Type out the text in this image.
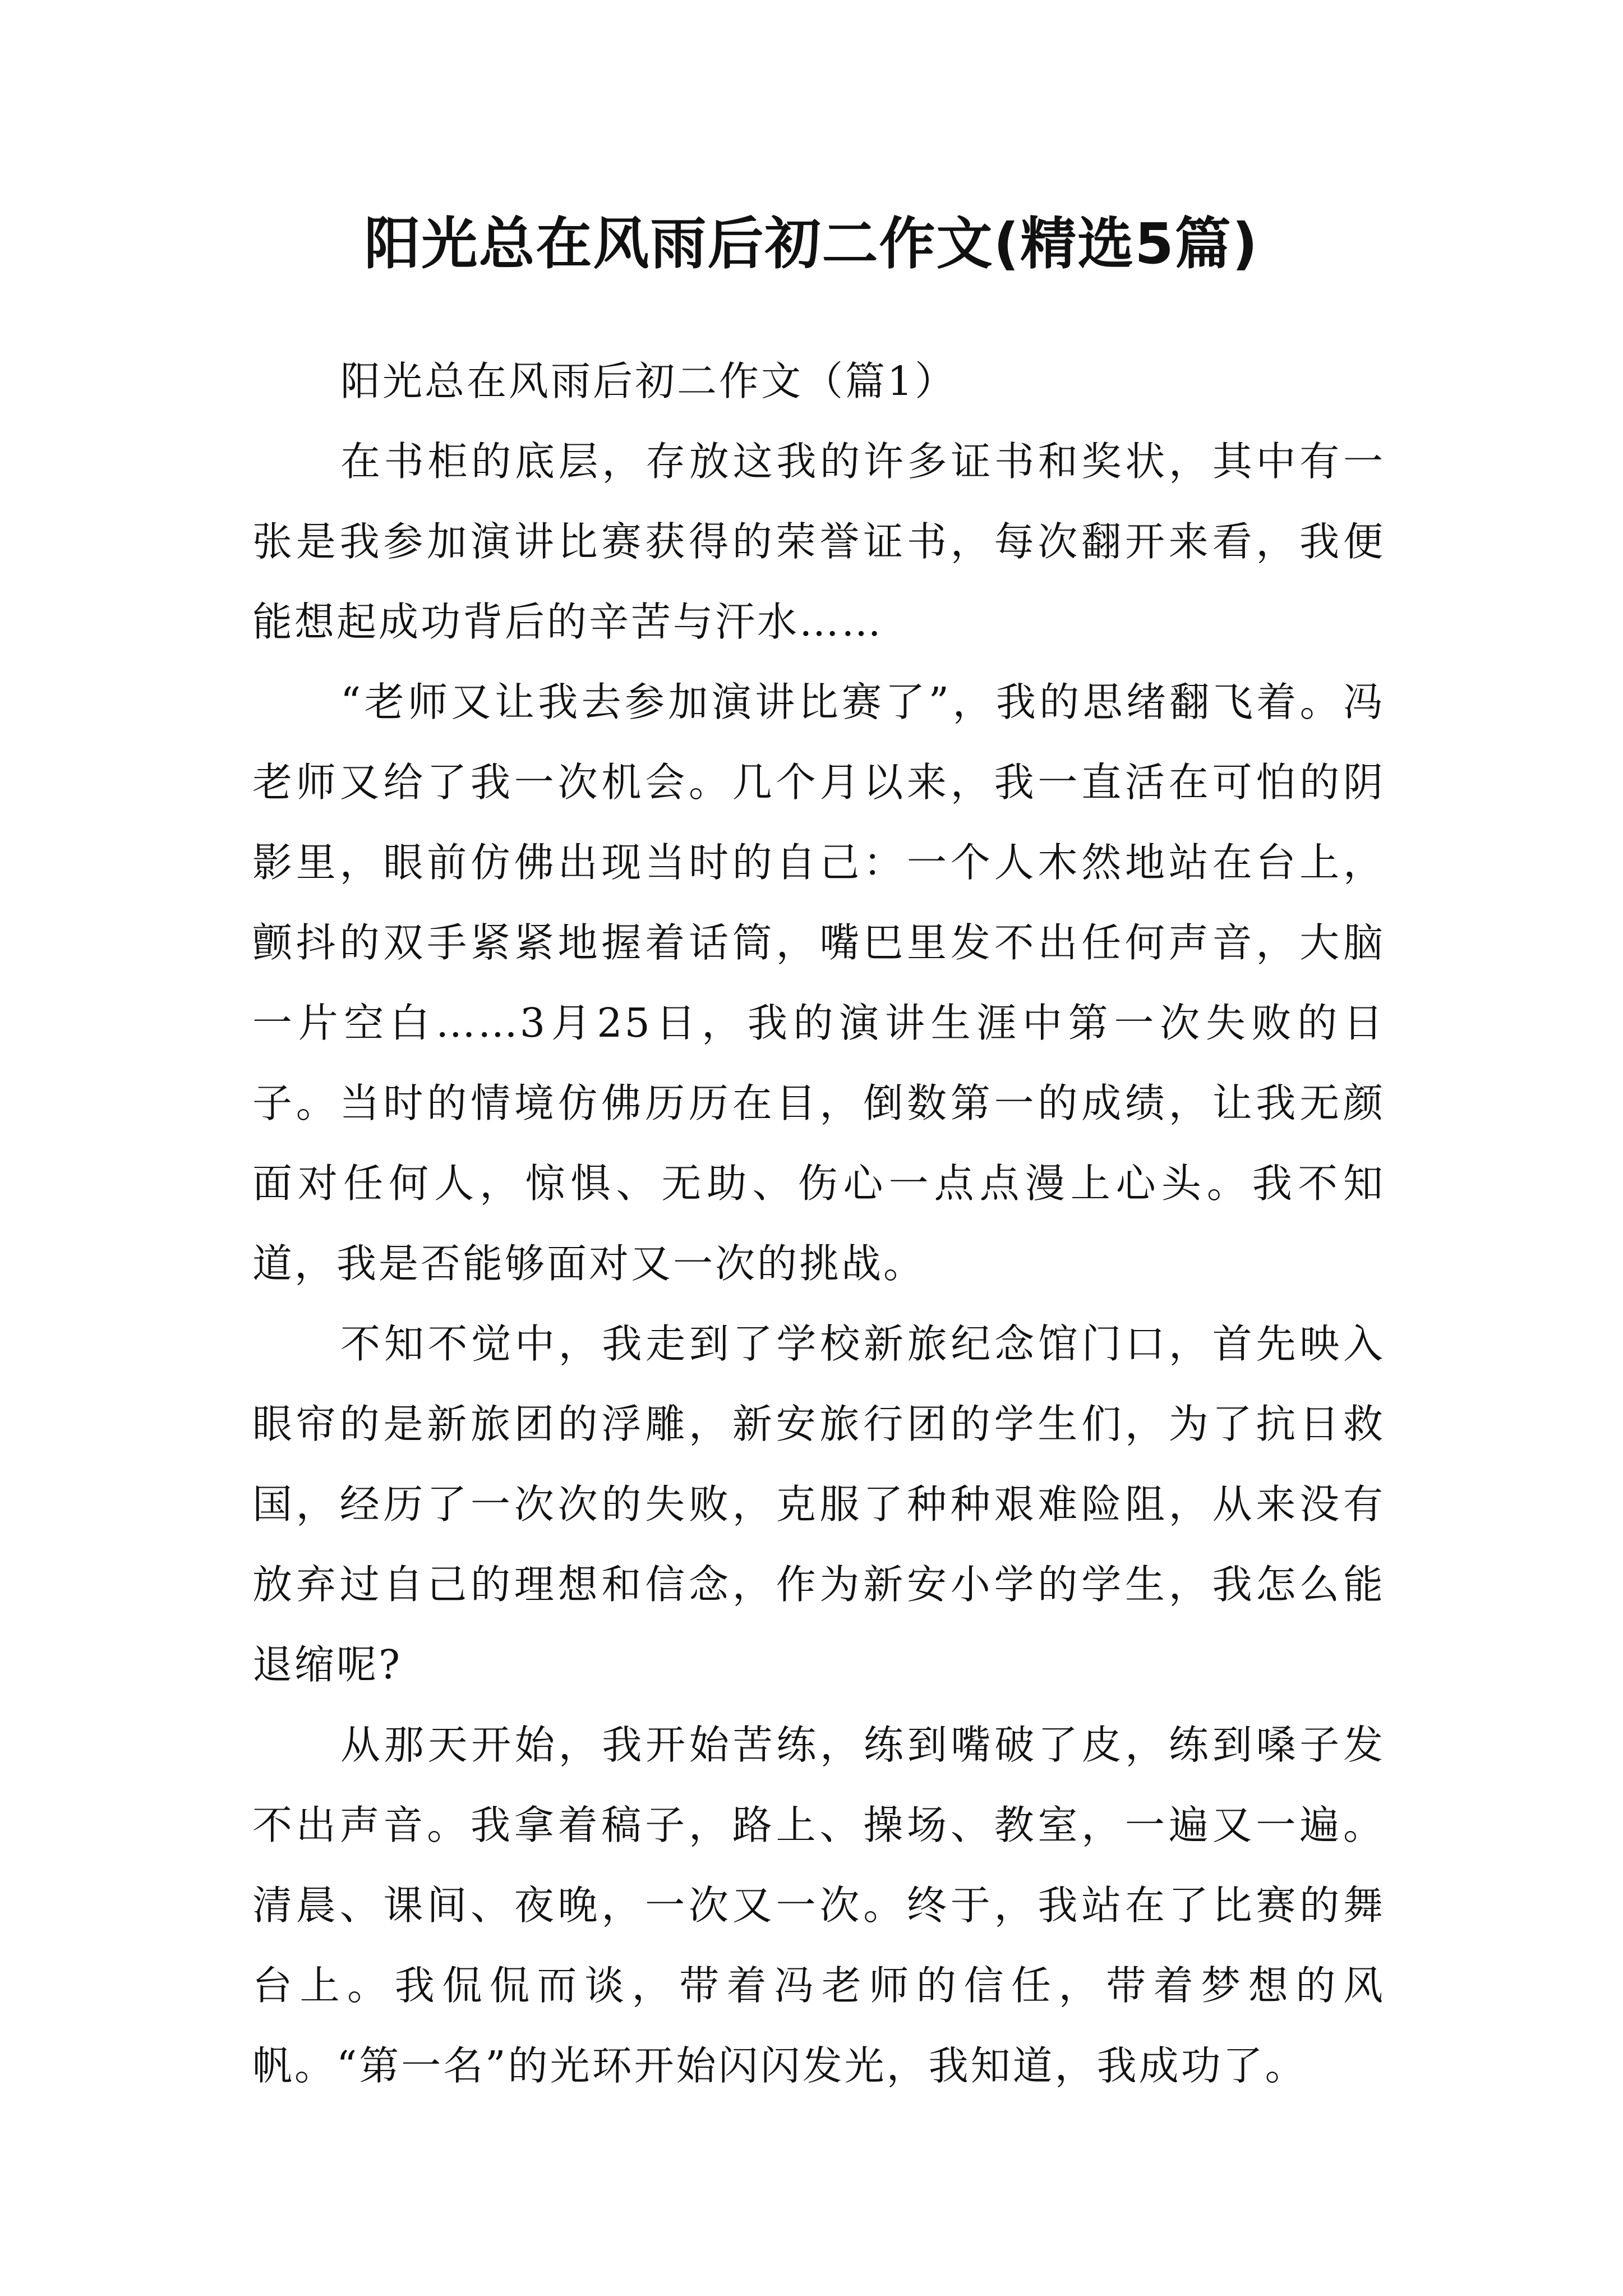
阳光总在风雨后初二作文(精选5篇)

阳光总在风雨后初二作文（篇1）

在书柜的底层，存放这我的许多证书和奖状，其中有一张是我参加演讲比赛获得的荣誉证书，每次翻开来看，我便能想起成功背后的辛苦与汗水……

“老师又让我去参加演讲比赛了”，我的思绪翻飞着。冯老师又给了我一次机会。几个月以来，我一直活在可怕的阴影里，眼前仿佛出现当时的自己：一个人木然地站在台上，颤抖的双手紧紧地握着话筒，嘴巴里发不出任何声音，大脑一片空白……3月25日，我的演讲生涯中第一次失败的日子。当时的情境仿佛历历在目，倒数第一的成绩，让我无颜面对任何人，惊惧、无助、伤心一点点漫上心头。我不知道，我是否能够面对又一次的挑战。

不知不觉中，我走到了学校新旅纪念馆门口，首先映入眼帘的是新旅团的浮雕，新安旅行团的学生们，为了抗日救国，经历了一次次的失败，克服了种种艰难险阻，从来没有放弃过自己的理想和信念，作为新安小学的学生，我怎么能退缩呢?

从那天开始，我开始苦练，练到嘴破了皮，练到嗓子发不出声音。我拿着稿子，路上、操场、教室，一遍又一遍。清晨、课间、夜晚，一次又一次。终于，我站在了比赛的舞台上。我侃侃而谈，带着冯老师的信任，带着梦想的风帆。“第一名”的光环开始闪闪发光，我知道，我成功了。
